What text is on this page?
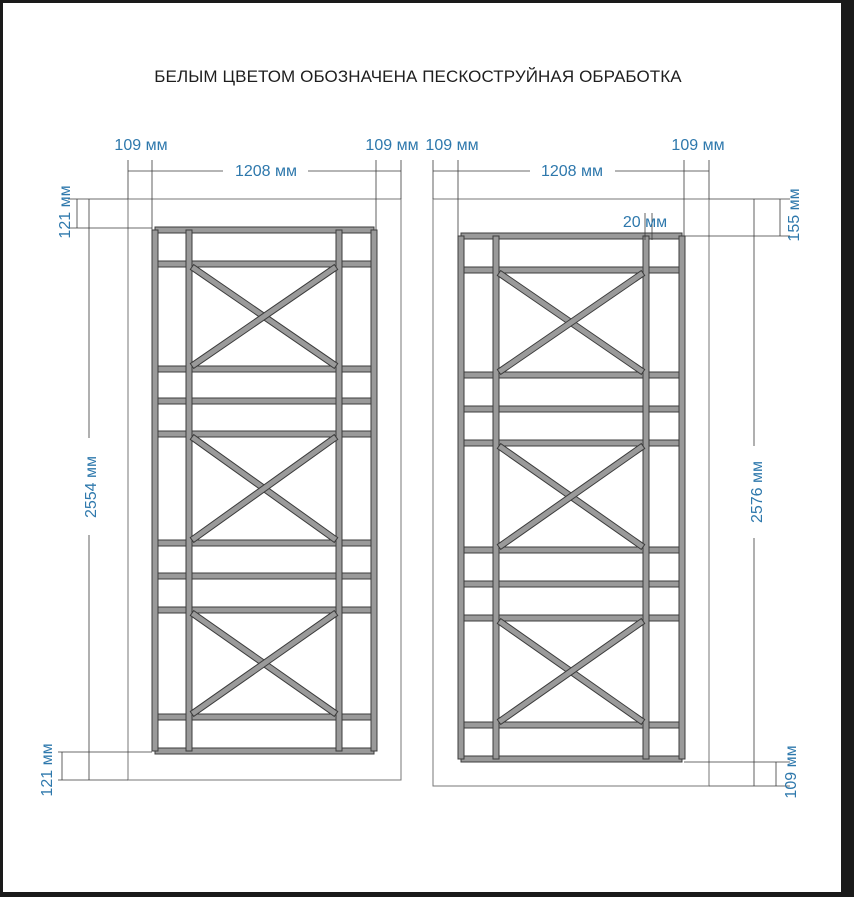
БЕЛЫМ ЦВЕТОМ ОБОЗНАЧЕНА ПЕСКОСТРУЙНАЯ ОБРАБОТКА
109 мм	109 мм
1208 мм
121 мм
2554 мм
121 мм
109 мм	109 мм
1208 мм
20 мм	155 мм
2576 мм
109 мм
